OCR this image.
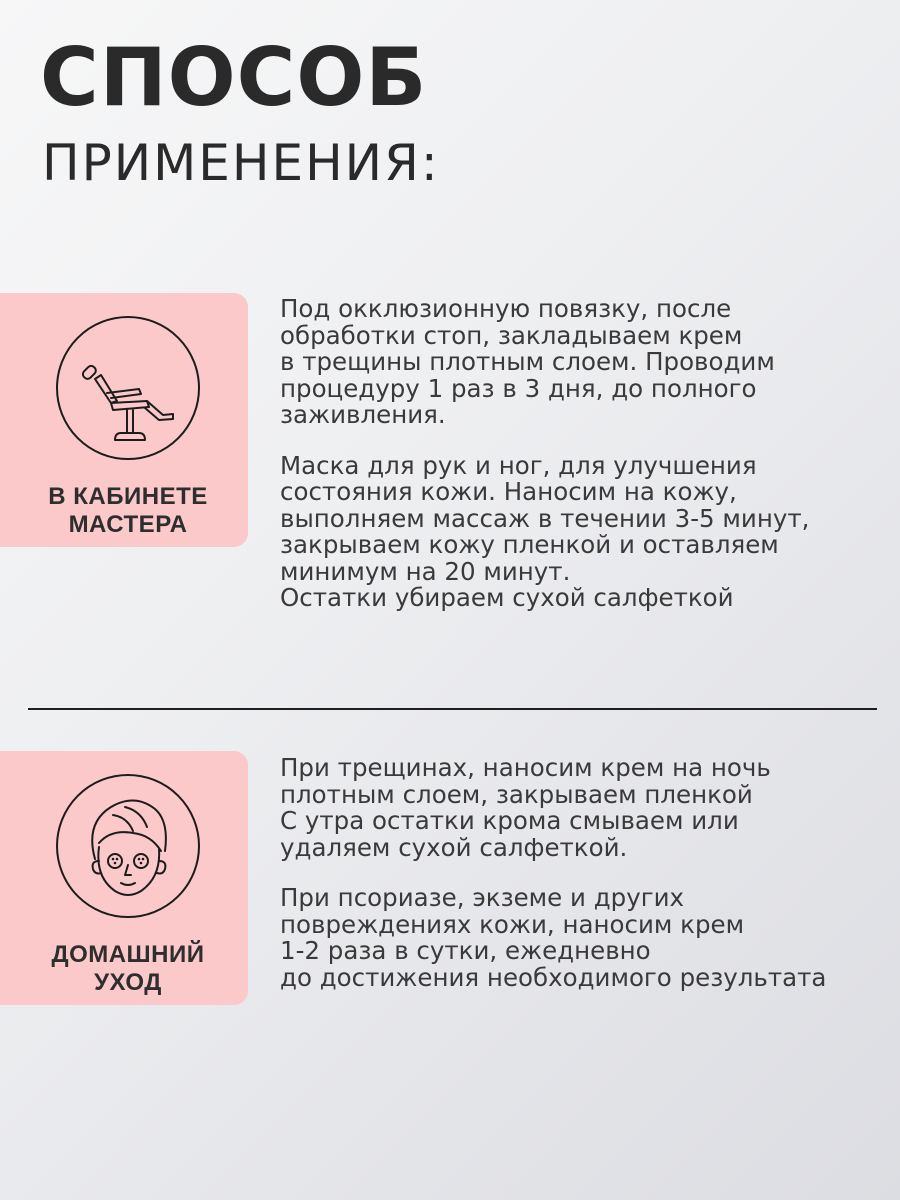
СПОСОБ
ПРИМЕНЕНИЯ:
В КАБИНЕТЕ
МАСТЕРА

Под окклюзионную повязку, после
обработки стоп, закладываем крем
в трещины плотным слоем. Проводим
процедуру 1 раз в 3 дня, до полного
заживления.

Маска для рук и ног, для улучшения
состояния кожи. Наносим на кожу,
выполняем массаж в течении 3-5 минут,
закрываем кожу пленкой и оставляем
минимум на 20 минут.
Остатки убираем сухой салфеткой

ДОМАШНИЙ
УХОД

При трещинах, наносим крем на ночь
плотным слоем, закрываем пленкой
С утра остатки крома смываем или
удаляем сухой салфеткой.

При псориазе, экземе и других
повреждениях кожи, наносим крем
1-2 раза в сутки, ежедневно
до достижения необходимого результата
